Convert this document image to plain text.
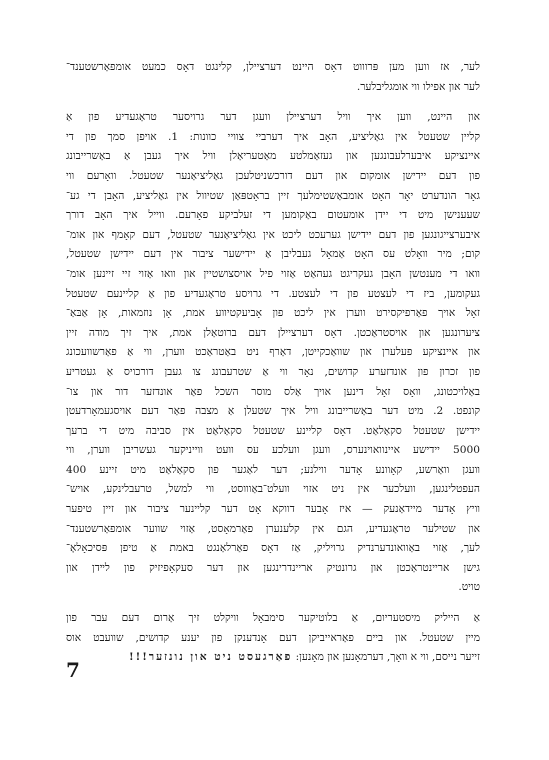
לער, אז ווען מען פּרוווט דאָס היינט דערציילן, קלינגט דאָס כמעט אומפאַרשטענד־
לער און אפילו ווי אומגליבלער.

און היינט, ווען איך וויל דערציילן וועגן דער גרויסער טראַגעדיע פון אַ
קליין שטעטל אין גאַליציע, האָב איך דערביי צוויי כוונות: 1. אויפן סמך פון די
איינציקע איבערלעבונגען און געזאַמלטע מאַטעריאַלן וויל איך געבן אַ באַשרייבונג
פון דעם יידישן אומקום און דעם דורכשניטלעכן גאַליציאַנער שטעטל. וואָרעם ווי
גאָר הונדערט יאָר האָט אומבאַשטימלעך זיין בראָטפּאַן שטיוול אין גאַליציע, האָבן די גע־
שעענישן מיט די יידן אומעטום באַקומען די זעלביקע פאָרעם. ווייל איך האָב דורך
איבערצייגונגען פון דעם יידישן גערעכט ליכט אין גאַליציאַנער שטעטל, דעם קאָמף און אומ־
קום; מיר וואָלט עס האָט אַמאָל געבליבן אַ יידישער ציבור אין דעם יידישן שטעטל,
וואו די מענטשן האָבן געקריגט געהאַט אַזוי פיל אויסצושטיין און וואו אַזוי זיי זיינען אומ־
געקומען, ביז די לעצטע פון די לעצטע. די גרויסע טראַגעדיע פון אַ קליינעם שטעטל
זאָל אויך פאַרפיקסירט ווערן אין ליכט פון אָביעקטיווע אמת, אָן נוזמאות, אָן אַבּאַ־
ציערונגען און אויסטראַכטן. דאָס דערציילן דעם ברוטאַלן אמת, איך זיך מודה זיין
און איינציקע פעלערן און שוואַכקייטן, דאַרף ניט באַטראַכט ווערן, ווי אַ פאַרשוועכונג
פון זכרון פון אונדזערע קדושים, נאָר ווי אַ שטרעבונג צו געבן דורכויס אַ געטריע
באַלויכטונג, וואָס זאָל דינען אויך אַלס מוסר השכל פאַר אונדזער דור און צו־
קונפט. 2. מיט דער באַשרייבונג וויל איך שטעלן אַ מצבה פאַר דעם אויסגעמאָרדעטן
יידישן שטעטל סקאַלאַט. דאָס קליינע שטעטל סקאַלאַט אין סביבה מיט די ברעך
5000 יידישע איינוואוינערס, וועגן וועלכע עס וועט ווייניקער געשריבן ווערן, ווי
וועגן וואַרשע, קאָוונע אָדער ווילנע; דער לאַגער פון סקאַלאַט מיט זיינע 400
העפטלינגען, וועלכער אין ניט אזוי וועלט־באַוווסט, ווי למשל, טרעבלינקע, אויש־
וויץ אָדער מיידאַנעק — איז אָבער דווקא אָט דער קליינער ציבור און זיין טיפער
און שטילער טראַגעדיע, הגם אין קלענערן פאַרמאָסט, אַזוי שווער אומפאַרשטענד־
לעך, אַזוי באַוואונדערנדיק גרויליק, אַז דאָס פאַרלאַנגט באמת אַ טיפן פּסיכאָלאָ־
גישן אריינטראַכטן און גרונטיק אריינדרינגען און דער סעקאָפיזיק פון לײדן און
טויט.

אַ הייליק מיסטעריום, אַ בלוטיקער סימבאָל וויקלט זיך אַרום דעם עבר פון
מיין שטעטל. און ביים פאַראייביקן דעם אָנדענקן פון יענע קדושים, שוועבט אוס
זייער נייסם, ווי א וואָך, דערמאָנען און מאָנען: פאַרגעסט ניט און נונזער!!!

7
